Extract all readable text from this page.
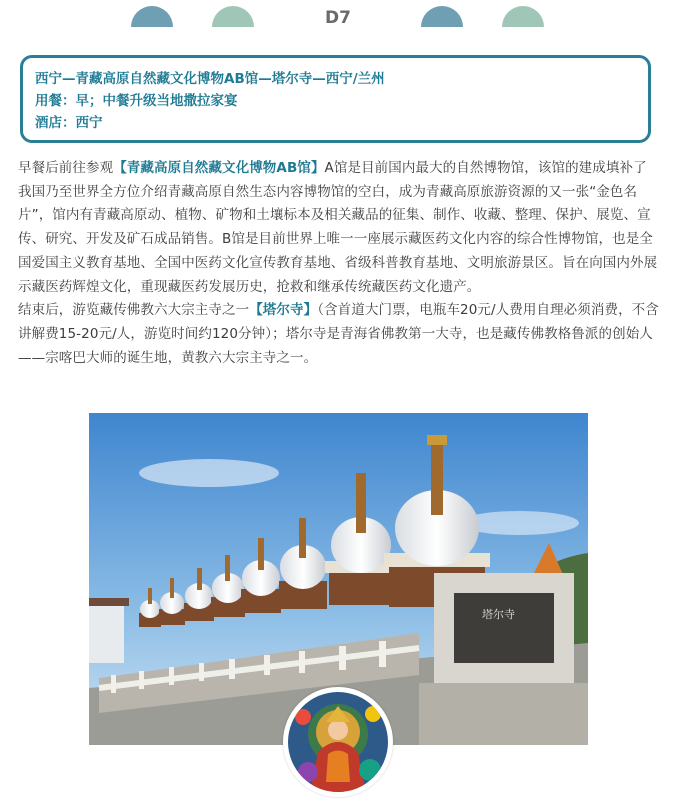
D7
西宁—青藏高原自然藏文化博物AB馆—塔尔寺—西宁/兰州
用餐：早；中餐升级当地撒拉家宴
酒店：西宁

早餐后前往参观【青藏高原自然藏文化博物AB馆】A馆是目前国内最大的自然博物馆，该馆的建成填补了我国乃至世界全方位介绍青藏高原自然生态内容博物馆的空白，成为青藏高原旅游资源的又一张“金色名片”，馆内有青藏高原动、植物、矿物和土壤标本及相关藏品的征集、制作、收藏、整理、保护、展览、宣传、研究、开发及矿石成品销售。B馆是目前世界上唯一一座展示藏医药文化内容的综合性博物馆，也是全国爱国主义教育基地、全国中医药文化宣传教育基地、省级科普教育基地、文明旅游景区。旨在向国内外展示藏医药辉煌文化，重现藏医药发展历史，抢救和继承传统藏医药文化遗产。

结束后，游览藏传佛教六大宗主寺之一【塔尔寺】（含首道大门票，电瓶车20元/人费用自理必须消费，不含讲解费15-20元/人，游览时间约120分钟）；塔尔寺是青海省佛教第一大寺，也是藏传佛教格鲁派的创始人——宗喀巴大师的诞生地，黄教六大宗主寺之一。

塔尔寺
